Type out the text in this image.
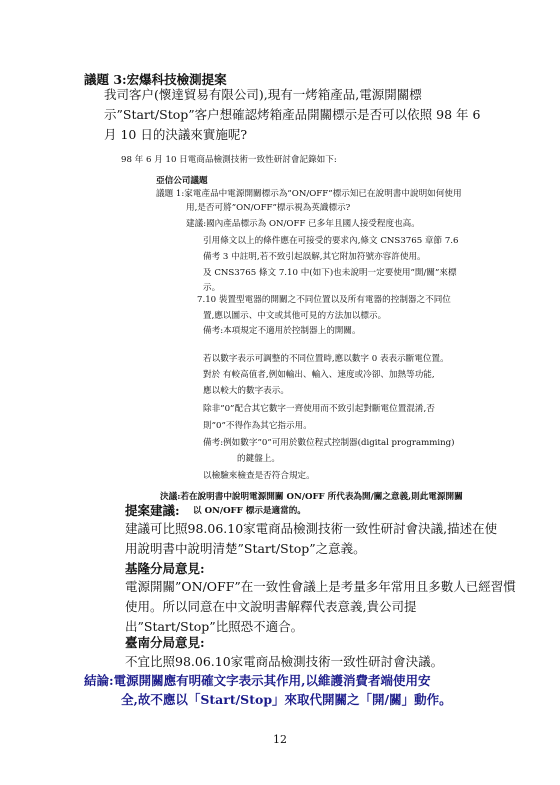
議題 3:宏爆科技檢測提案
我司客户(懷達貿易有限公司),現有一烤箱產品,電源開關標
示”Start/Stop”客户想確認烤箱產品開關標示是否可以依照 98 年 6
月 10 日的決議來實施呢?
98 年 6 月 10 日電商品檢測技術一致性研討會記錄如下:
亞信公司議題
議題 1:家電產品中電源開關標示為”ON/OFF”標示知已在說明書中說明如何使用
用,是否可將”ON/OFF”標示視為英識標示?
建議:國內產品標示為 ON/OFF 已多年且國人接受程度也高。
引用條文以上的條件應在可接受的要求內,條文 CNS3765 章節 7.6
備考 3 中註明,若不致引起誤解,其它附加符號亦容許使用。
及 CNS3765 條文 7.10 中(如下)也未說明一定要使用”開/關”來標
示。
7.10 裝置型電器的開關之不同位置以及所有電器的控制器之不同位
置,應以圖示、中文或其他可見的方法加以標示。
備考:本項規定不適用於控制器上的開關。
若以數字表示可調整的不同位置時,應以數字 0 表表示斷電位置。
對於 有較高值者,例如輸出、輸入、速度或冷卻、加熱等功能,
應以較大的數字表示。
除非”0”配合其它數字一齊使用而不致引起對斷電位置混淆,否
則”0”不得作為其它指示用。
備考:例如數字”0”可用於數位程式控制器(digital programming)
的鍵盤上。
以檢驗來檢查是否符合規定。
決議:若在說明書中說明電源開關 ON/OFF 所代表為開/關之意義,則此電源開關
以 ON/OFF 標示是適當的。
提案建議:
建議可比照98.06.10家電商品檢測技術一致性研討會決議,描述在使
用說明書中說明清楚”Start/Stop”之意義。
基隆分局意見:
電源開關”ON/OFF”在一致性會議上是考量多年常用且多數人已經習慣
使用。所以同意在中文說明書解釋代表意義,貴公司提
出”Start/Stop”比照恐不適合。
臺南分局意見:
不宜比照98.06.10家電商品檢測技術一致性研討會決議。
結論:電源開關應有明確文字表示其作用,以維護消費者端使用安
全,故不應以「Start/Stop」來取代開關之「開/關」動作。
12
